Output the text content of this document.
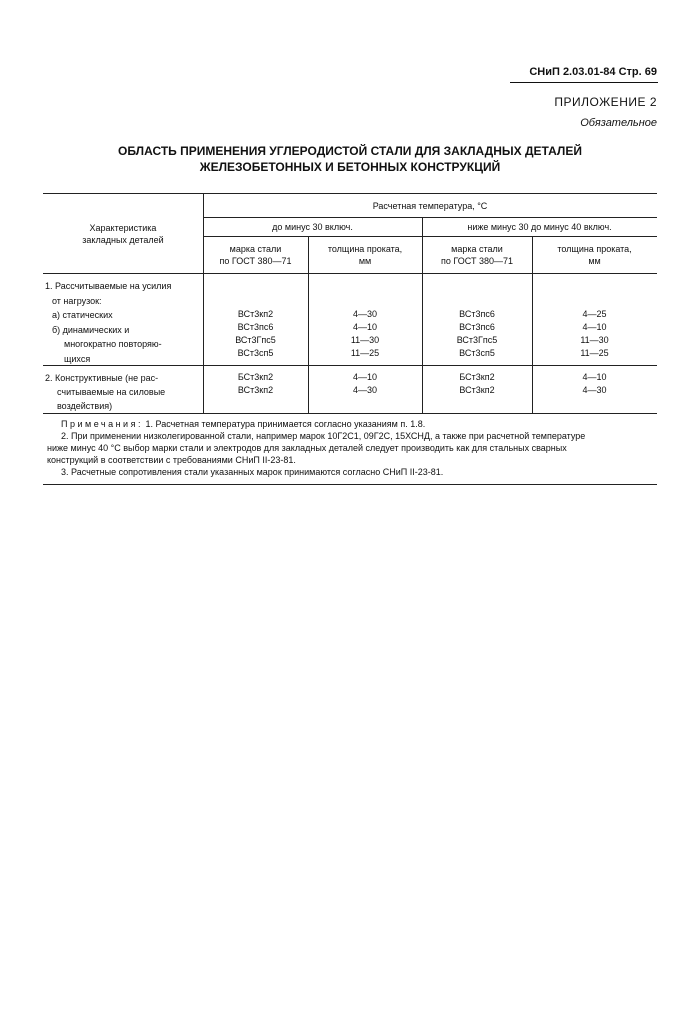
СНиП 2.03.01-84 Стр. 69
ПРИЛОЖЕНИЕ 2
Обязательное
ОБЛАСТЬ ПРИМЕНЕНИЯ УГЛЕРОДИСТОЙ СТАЛИ ДЛЯ ЗАКЛАДНЫХ ДЕТАЛЕЙ
ЖЕЛЕЗОБЕТОННЫХ И БЕТОННЫХ КОНСТРУКЦИЙ
Характеристика
закладных деталей
Расчетная температура, °С
до минус 30 включ.	ниже минус 30 до минус 40 включ.
марка стали
по ГОСТ 380—71
толщина проката,
мм
марка стали
по ГОСТ 380—71
толщина проката,
мм
1. Рассчитываемые на усилия
от нагрузок:
а) статических
б) динамических и
многократно повторяю-
щихся
ВСт3кп2
ВСт3пс6
ВСт3Гпс5
ВСт3сп5
4—30
4—10
11—30
11—25
ВСт3пс6
ВСт3пс6
ВСт3Гпс5
ВСт3сп5
4—25
4—10
11—30
11—25
2. Конструктивные (не рас-
считываемые на силовые
воздействия)
БСт3кп2
ВСт3кп2
4—10
4—30
БСт3кп2
ВСт3кп2
4—10
4—30

Примечания: 1. Расчетная температура принимается согласно указаниям п. 1.8.

2. При применении низколегированной стали, например марок 10Г2С1, 09Г2С, 15ХСНД, а также при расчетной температуре

ниже минус 40 °С выбор марки стали и электродов для закладных деталей следует производить как для стальных сварных

конструкций в соответствии с требованиями СНиП II-23-81.

3. Расчетные сопротивления стали указанных марок принимаются согласно СНиП II-23-81.
